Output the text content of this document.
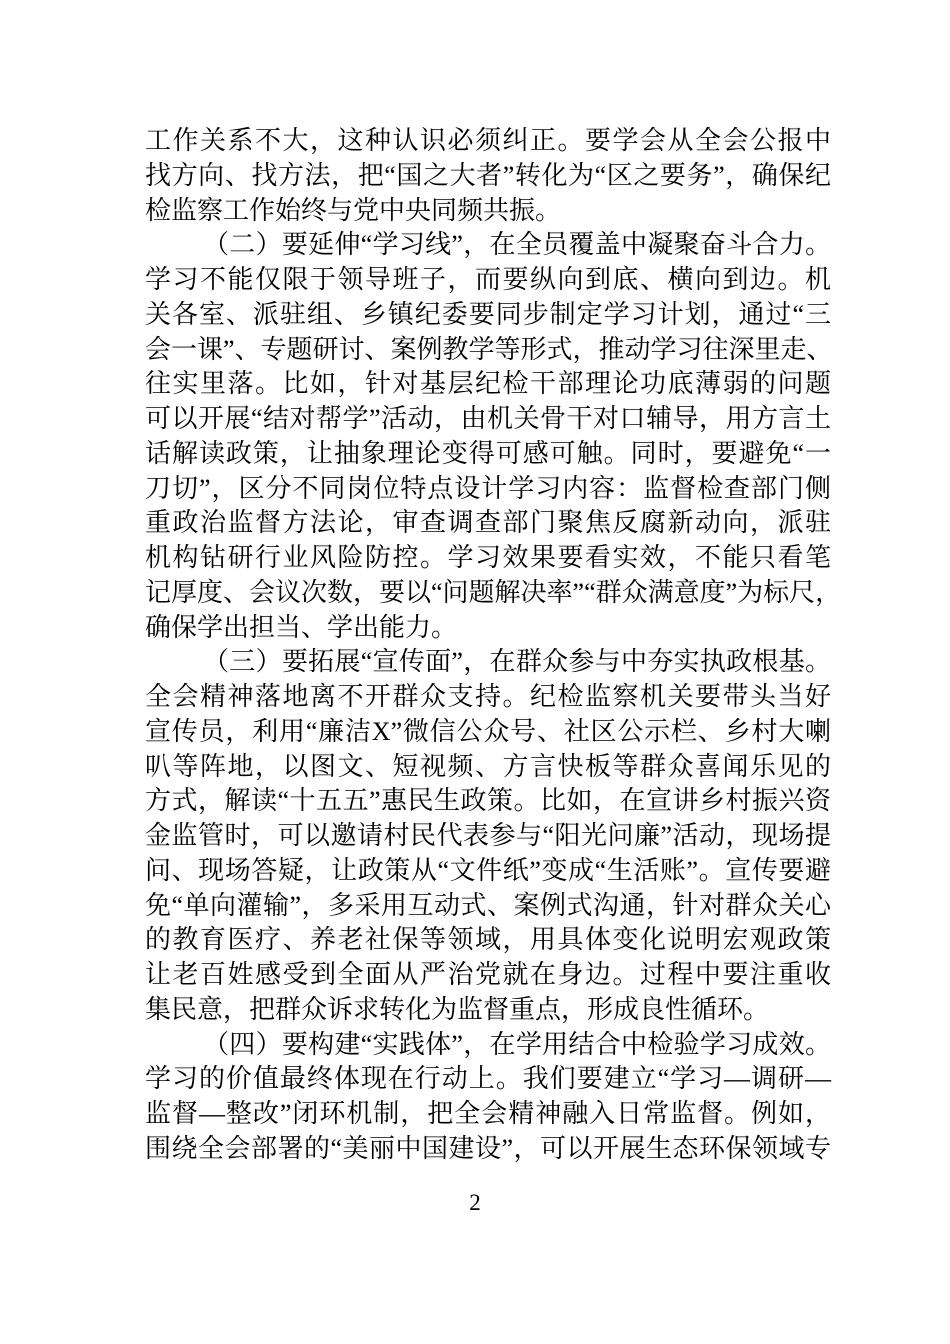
工作关系不大，这种认识必须纠正。要学会从全会公报中
找方向、找方法，把“国之大者”转化为“区之要务”，确保纪
检监察工作始终与党中央同频共振。
（二）要延伸“学习线”，在全员覆盖中凝聚奋斗合力。
学习不能仅限于领导班子，而要纵向到底、横向到边。机
关各室、派驻组、乡镇纪委要同步制定学习计划，通过“三
会一课”、专题研讨、案例教学等形式，推动学习往深里走、
往实里落。比如，针对基层纪检干部理论功底薄弱的问题
可以开展“结对帮学”活动，由机关骨干对口辅导，用方言土
话解读政策，让抽象理论变得可感可触。同时，要避免“一
刀切”，区分不同岗位特点设计学习内容：监督检查部门侧
重政治监督方法论，审查调查部门聚焦反腐新动向，派驻
机构钻研行业风险防控。学习效果要看实效，不能只看笔
记厚度、会议次数，要以“问题解决率”“群众满意度”为标尺，
确保学出担当、学出能力。
（三）要拓展“宣传面”，在群众参与中夯实执政根基。
全会精神落地离不开群众支持。纪检监察机关要带头当好
宣传员，利用“廉洁X”微信公众号、社区公示栏、乡村大喇
叭等阵地，以图文、短视频、方言快板等群众喜闻乐见的
方式，解读“十五五”惠民生政策。比如，在宣讲乡村振兴资
金监管时，可以邀请村民代表参与“阳光问廉”活动，现场提
问、现场答疑，让政策从“文件纸”变成“生活账”。宣传要避
免“单向灌输”，多采用互动式、案例式沟通，针对群众关心
的教育医疗、养老社保等领域，用具体变化说明宏观政策
让老百姓感受到全面从严治党就在身边。过程中要注重收
集民意，把群众诉求转化为监督重点，形成良性循环。
（四）要构建“实践体”，在学用结合中检验学习成效。
学习的价值最终体现在行动上。我们要建立“学习—调研—
监督—整改”闭环机制，把全会精神融入日常监督。例如，
围绕全会部署的“美丽中国建设”，可以开展生态环保领域专
2
